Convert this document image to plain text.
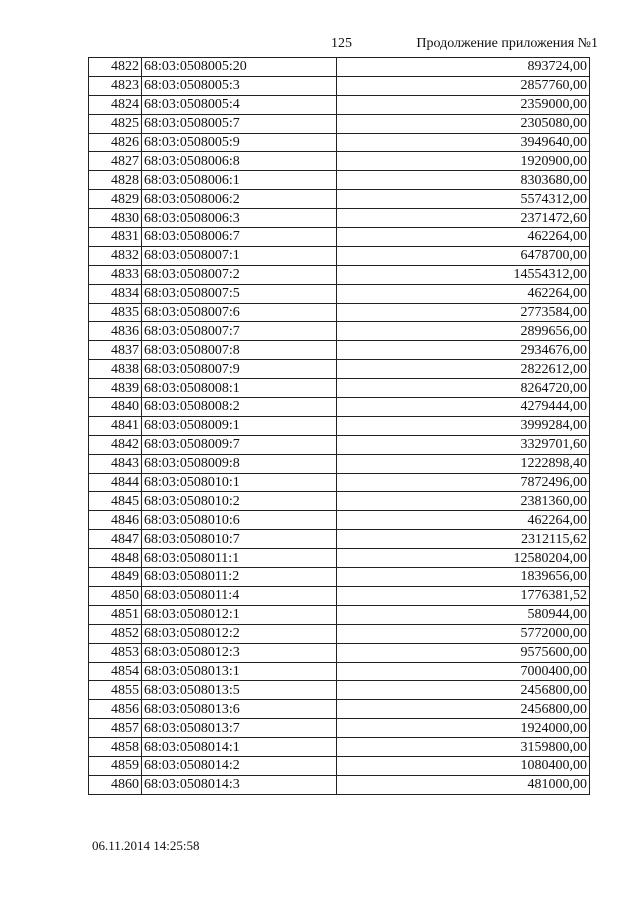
125	Продолжение приложения №1
4822	68:03:0508005:20	893724,00
4823	68:03:0508005:3	2857760,00
4824	68:03:0508005:4	2359000,00
4825	68:03:0508005:7	2305080,00
4826	68:03:0508005:9	3949640,00
4827	68:03:0508006:8	1920900,00
4828	68:03:0508006:1	8303680,00
4829	68:03:0508006:2	5574312,00
4830	68:03:0508006:3	2371472,60
4831	68:03:0508006:7	462264,00
4832	68:03:0508007:1	6478700,00
4833	68:03:0508007:2	14554312,00
4834	68:03:0508007:5	462264,00
4835	68:03:0508007:6	2773584,00
4836	68:03:0508007:7	2899656,00
4837	68:03:0508007:8	2934676,00
4838	68:03:0508007:9	2822612,00
4839	68:03:0508008:1	8264720,00
4840	68:03:0508008:2	4279444,00
4841	68:03:0508009:1	3999284,00
4842	68:03:0508009:7	3329701,60
4843	68:03:0508009:8	1222898,40
4844	68:03:0508010:1	7872496,00
4845	68:03:0508010:2	2381360,00
4846	68:03:0508010:6	462264,00
4847	68:03:0508010:7	2312115,62
4848	68:03:0508011:1	12580204,00
4849	68:03:0508011:2	1839656,00
4850	68:03:0508011:4	1776381,52
4851	68:03:0508012:1	580944,00
4852	68:03:0508012:2	5772000,00
4853	68:03:0508012:3	9575600,00
4854	68:03:0508013:1	7000400,00
4855	68:03:0508013:5	2456800,00
4856	68:03:0508013:6	2456800,00
4857	68:03:0508013:7	1924000,00
4858	68:03:0508014:1	3159800,00
4859	68:03:0508014:2	1080400,00
4860	68:03:0508014:3	481000,00
06.11.2014 14:25:58
